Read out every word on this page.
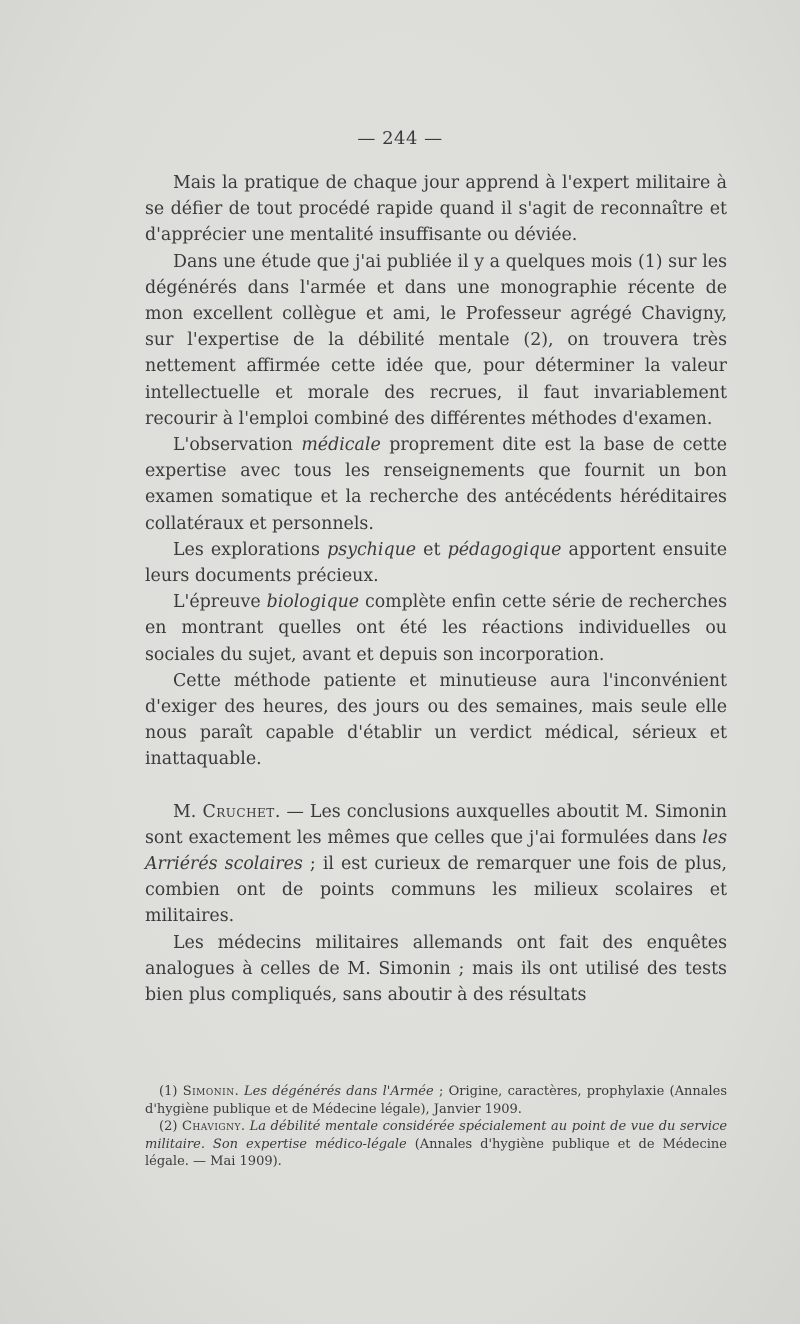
— 244 —

Mais la pratique de chaque jour apprend à l'expert militaire à se défier de tout procédé rapide quand il s'agit de reconnaître et d'apprécier une mentalité insuffisante ou déviée.

Dans une étude que j'ai publiée il y a quelques mois (1) sur les dégénérés dans l'armée et dans une monographie récente de mon excellent collègue et ami, le Professeur agrégé Chavigny, sur l'expertise de la débilité mentale (2), on trouvera très nettement affirmée cette idée que, pour déterminer la valeur intellectuelle et morale des recrues, il faut invariablement recourir à l'emploi combiné des différentes méthodes d'examen.

L'observation médicale proprement dite est la base de cette expertise avec tous les renseignements que fournit un bon examen somatique et la recherche des antécédents héréditaires collatéraux et personnels.

Les explorations psychique et pédagogique apportent ensuite leurs documents précieux.

L'épreuve biologique complète enfin cette série de recherches en montrant quelles ont été les réactions individuelles ou sociales du sujet, avant et depuis son incorporation.

Cette méthode patiente et minutieuse aura l'inconvénient d'exiger des heures, des jours ou des semaines, mais seule elle nous paraît capable d'établir un verdict médical, sérieux et inattaquable.

M. Cruchet. — Les conclusions auxquelles aboutit M. Simonin sont exactement les mêmes que celles que j'ai formulées dans les Arriérés scolaires ; il est curieux de remarquer une fois de plus, combien ont de points communs les milieux scolaires et militaires.

Les médecins militaires allemands ont fait des enquêtes analogues à celles de M. Simonin ; mais ils ont utilisé des tests bien plus compliqués, sans aboutir à des résultats

(1) Simonin. Les dégénérés dans l'Armée ; Origine, caractères, prophylaxie (Annales d'hygiène publique et de Médecine légale), Janvier 1909.

(2) Chavigny. La débilité mentale considérée spécialement au point de vue du service militaire. Son expertise médico-légale (Annales d'hygiène publique et de Médecine légale. — Mai 1909).
